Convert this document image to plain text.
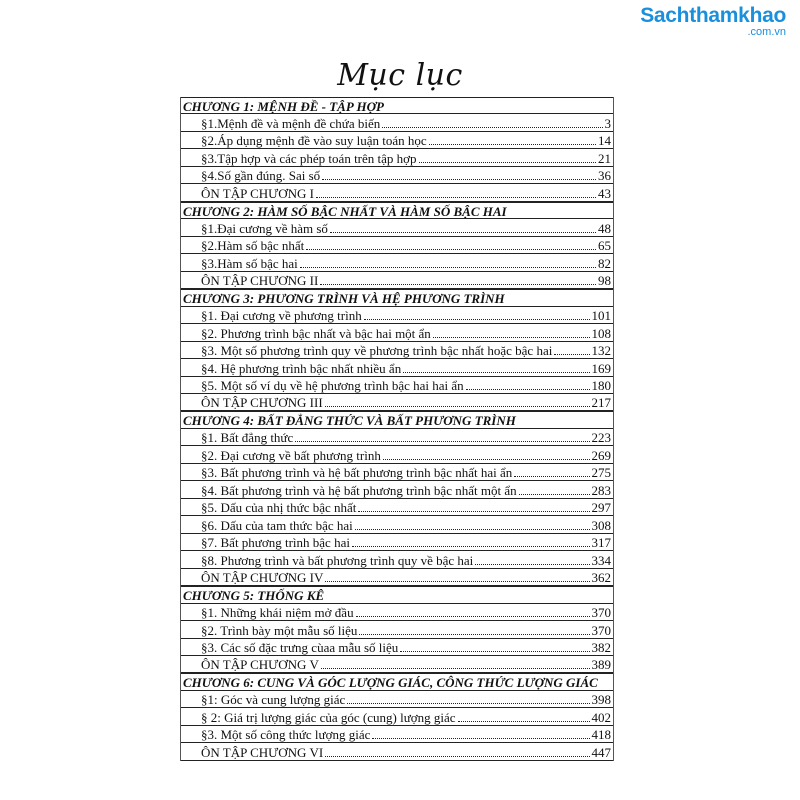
Sachthamkhao
.com.vn
Mục lục
CHƯƠNG 1: MỆNH ĐỀ - TẬP HỢP
§1.Mệnh đề và mệnh đề chứa biến	3
§2.Áp dụng mệnh đề vào suy luận toán học	14
§3.Tập hợp và các phép toán trên tập hợp	21
§4.Số gần đúng. Sai số	36
ÔN TẬP CHƯƠNG I	43
CHƯƠNG 2: HÀM SỐ BẬC NHẤT VÀ HÀM SỐ BẬC HAI
§1.Đại cương về hàm số	48
§2.Hàm số bậc nhất	65
§3.Hàm số bậc hai	82
ÔN TẬP CHƯƠNG II	98
CHƯƠNG 3: PHƯƠNG TRÌNH VÀ HỆ PHƯƠNG TRÌNH
§1. Đại cương về phương trình	101
§2. Phương trình bậc nhất và bậc hai một ẩn	108
§3. Một số phương trình quy về phương trình bậc nhất hoặc bậc hai	132
§4. Hệ phương trình bậc nhất nhiều ẩn	169
§5. Một số ví dụ về hệ phương trình bậc hai hai ẩn	180
ÔN TẬP CHƯƠNG III	217
CHƯƠNG 4: BẤT ĐẲNG THỨC VÀ BẤT PHƯƠNG TRÌNH
§1. Bất đẳng thức	223
§2. Đại cương về bất phương trình	269
§3. Bất phương trình và hệ bất phương trình bậc nhất hai ẩn	275
§4. Bất phương trình và hệ bất phương trình bậc nhất một ẩn	283
§5. Dấu của nhị thức bậc nhất	297
§6. Dấu của tam thức bậc hai	308
§7. Bất phương trình bậc hai	317
§8. Phương trình và bất phương trình quy về bậc hai	334
ÔN TẬP CHƯƠNG IV	362
CHƯƠNG 5: THỐNG KÊ
§1. Những khái niệm mở đầu	370
§2. Trình bày một mẫu số liệu	370
§3. Các số đặc trưng cùaa mẫu số liệu	382
ÔN TẬP CHƯƠNG V	389
CHƯƠNG 6: CUNG VÀ GÓC LƯỢNG GIÁC, CÔNG THỨC LƯỢNG GIÁC
§1: Góc và cung lượng giác	398
§ 2: Giá trị lượng giác của góc (cung) lượng giác	402
§3. Một số công thức lượng giác	418
ÔN TẬP CHƯƠNG VI	447
